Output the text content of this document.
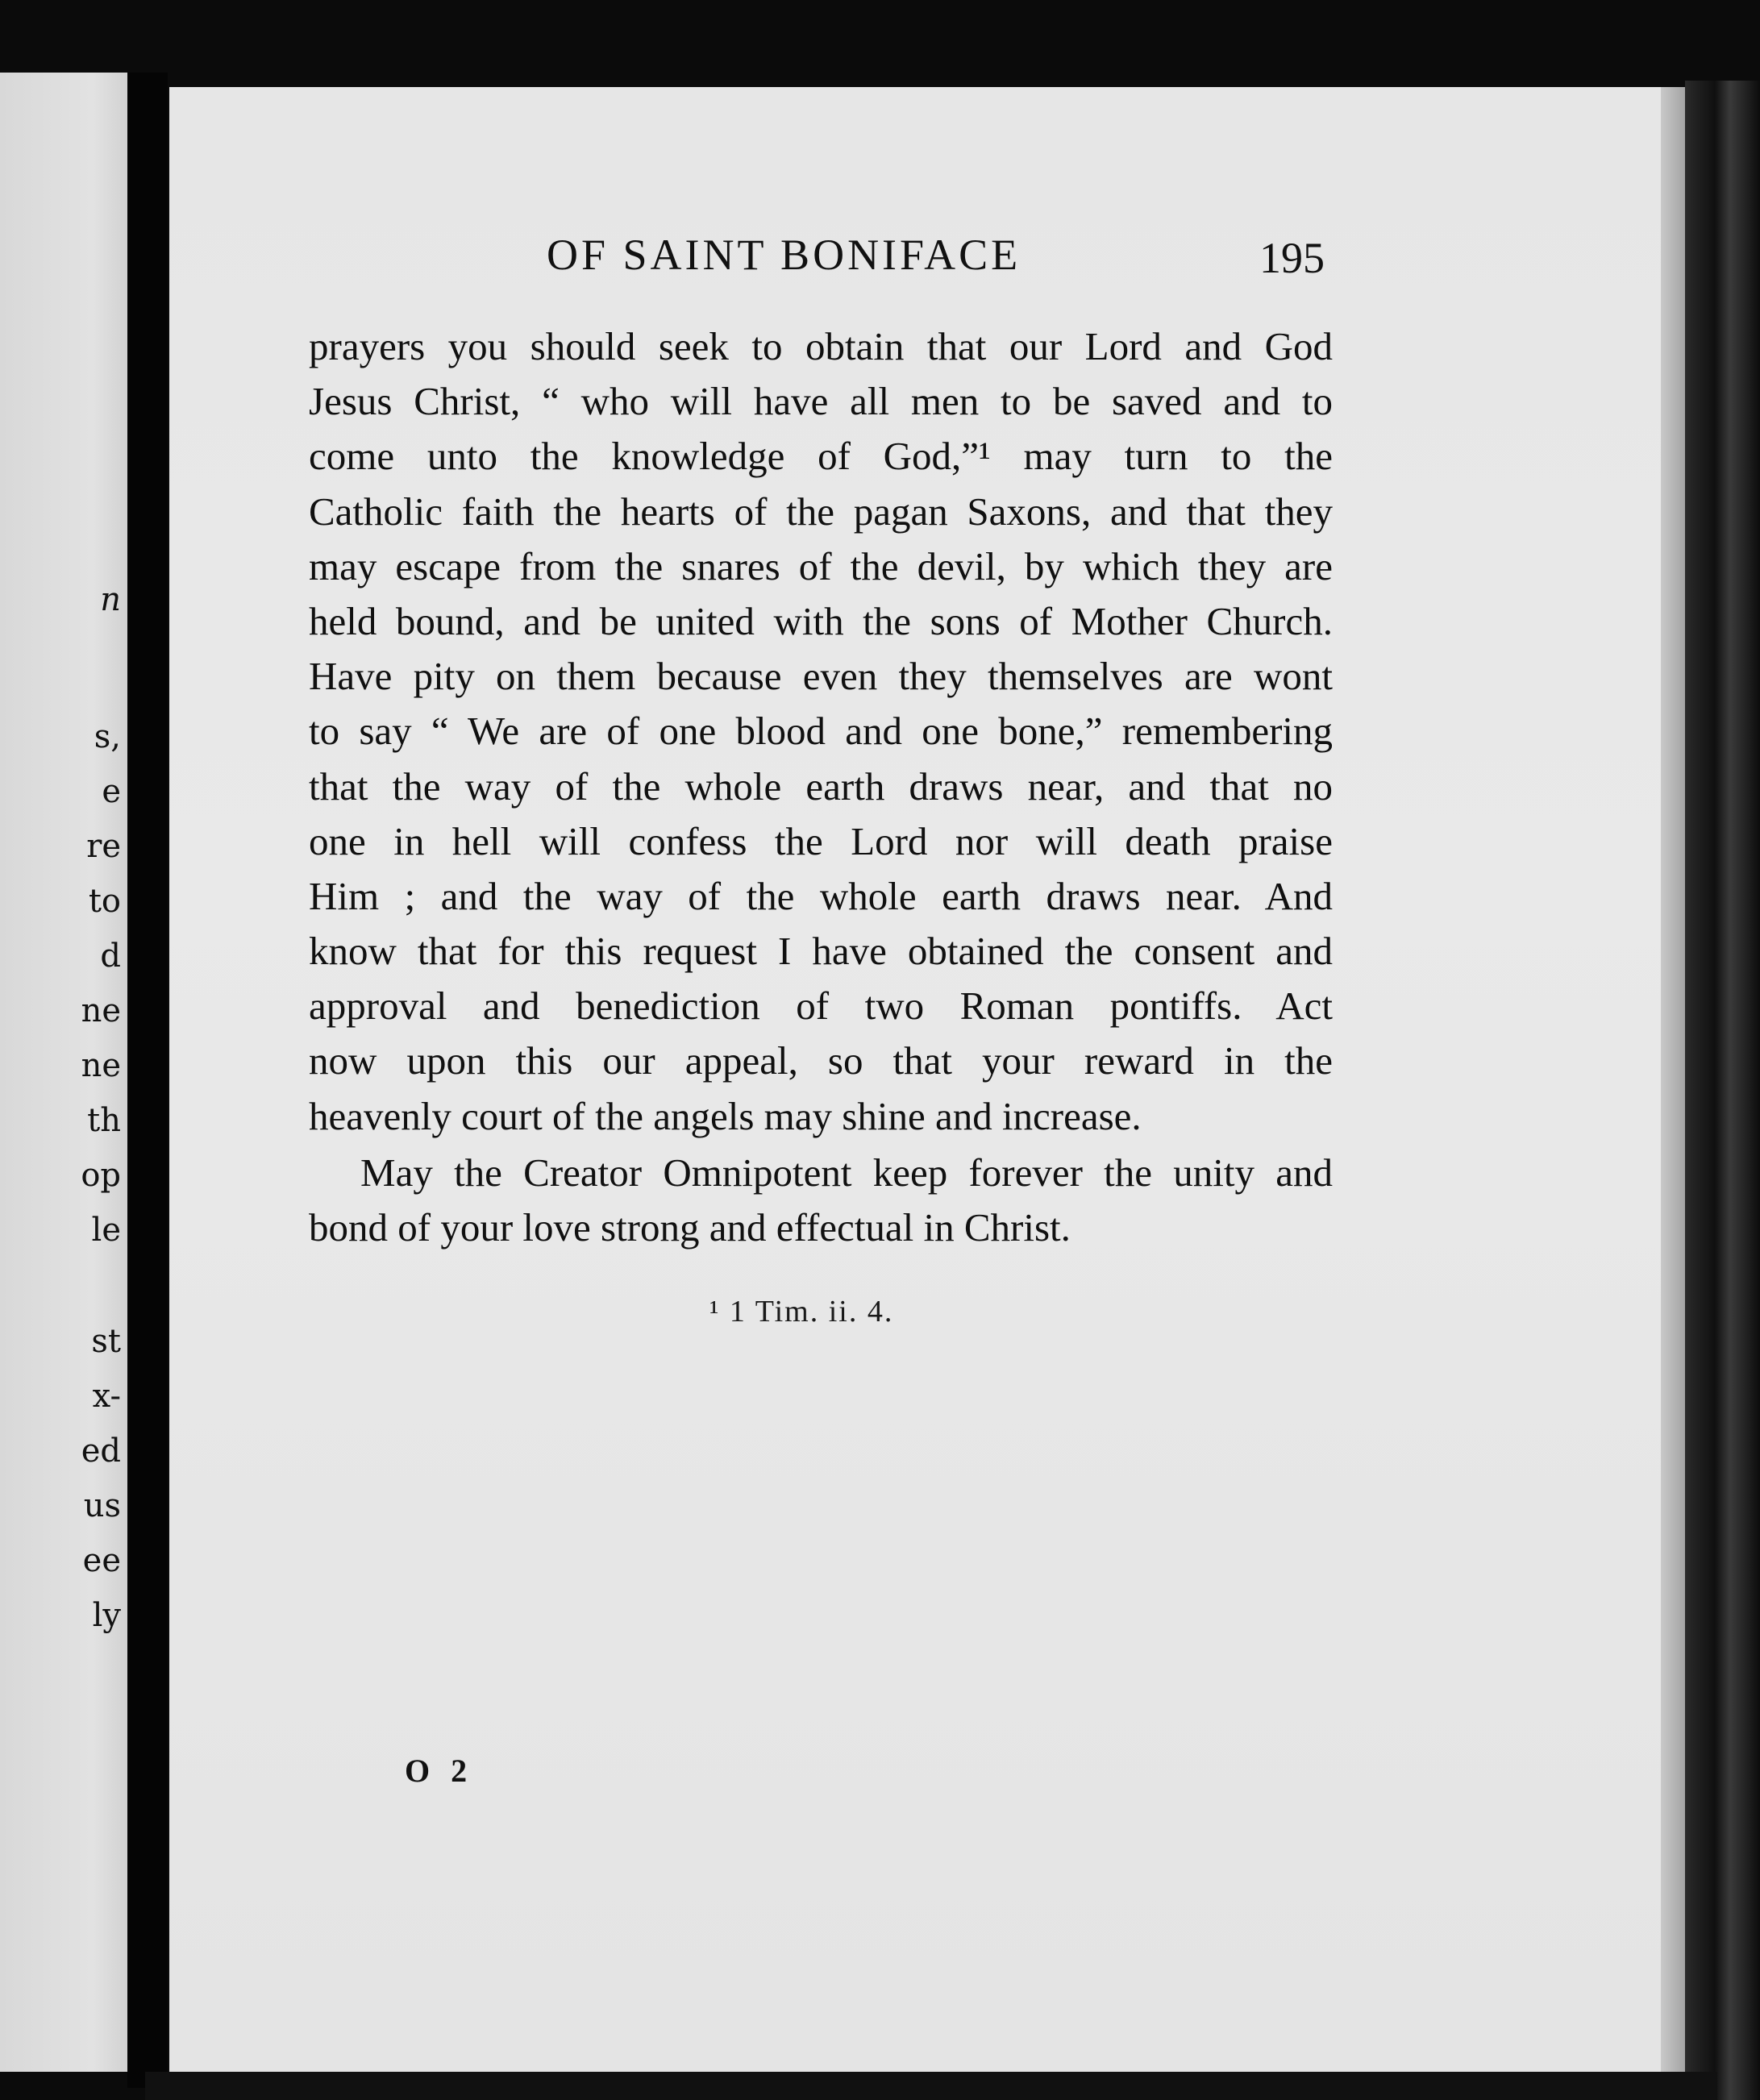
n
s,
e
re
to
d
ne
ne
th
op
le
st
x-
ed
us
ee
ly
OF SAINT BONIFACE	195
prayers you should seek to obtain that our Lord and God
Jesus Christ, “ who will have all men to be saved and to
come unto the knowledge of God,”¹ may turn to the
Catholic faith the hearts of the pagan Saxons, and that they
may escape from the snares of the devil, by which they are
held bound, and be united with the sons of Mother Church.
Have pity on them because even they themselves are wont
to say “ We are of one blood and one bone,” remembering
that the way of the whole earth draws near, and that no
one in hell will confess the Lord nor will death praise
Him ; and the way of the whole earth draws near. And
know that for this request I have obtained the consent and
approval and benediction of two Roman pontiffs. Act
now upon this our appeal, so that your reward in the
heavenly court of the angels may shine and increase.
May the Creator Omnipotent keep forever the unity and
bond of your love strong and effectual in Christ.
¹ 1 Tim. ii. 4.
O 2
